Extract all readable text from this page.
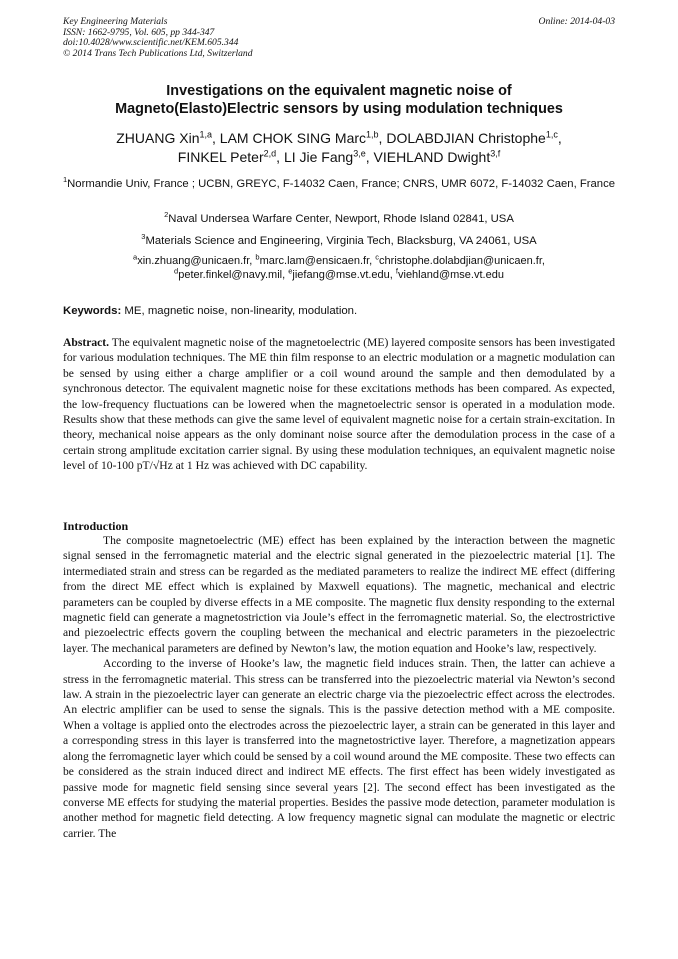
Key Engineering Materials
ISSN: 1662-9795, Vol. 605, pp 344-347
doi:10.4028/www.scientific.net/KEM.605.344
© 2014 Trans Tech Publications Ltd, Switzerland
Online: 2014-04-03
Investigations on the equivalent magnetic noise of
Magneto(Elasto)Electric sensors by using modulation techniques
ZHUANG Xin$^{1,a}$, LAM CHOK SING Marc$^{1,b}$, DOLABDJIAN Christophe$^{1,c}$,
FINKEL Peter$^{2,d}$, LI Jie Fang$^{3,e}$, VIEHLAND Dwight$^{3,f}$
$^1$Normandie Univ, France ; UCBN, GREYC, F-14032 Caen, France; CNRS, UMR 6072, F-14032 Caen, France
$^2$Naval Undersea Warfare Center, Newport, Rhode Island 02841, USA
$^3$Materials Science and Engineering, Virginia Tech, Blacksburg, VA 24061, USA
$^a$xin.zhuang@unicaen.fr, $^b$marc.lam@ensicaen.fr, $^c$christophe.dolabdjian@unicaen.fr,
$^d$peter.finkel@navy.mil, $^e$jiefang@mse.vt.edu, $^f$viehland@mse.vt.edu
Keywords: ME, magnetic noise, non-linearity, modulation.
Abstract. The equivalent magnetic noise of the magnetoelectric (ME) layered composite sensors has been investigated for various modulation techniques. The ME thin film response to an electric modulation or a magnetic modulation can be sensed by using either a charge amplifier or a coil wound around the sample and then demodulated by a synchronous detector. The equivalent magnetic noise for these excitations methods has been compared. As expected, the low-frequency fluctuations can be lowered when the magnetoelectric sensor is operated in a modulation mode. Results show that these methods can give the same level of equivalent magnetic noise for a certain strain-excitation. In theory, mechanical noise appears as the only dominant noise source after the demodulation process in the case of a certain strong amplitude excitation carrier signal. By using these modulation techniques, an equivalent magnetic noise level of 10-100 pT/√Hz at 1 Hz was achieved with DC capability.
Introduction

The composite magnetoelectric (ME) effect has been explained by the interaction between the magnetic signal sensed in the ferromagnetic material and the electric signal generated in the piezoelectric material [1]. The intermediated strain and stress can be regarded as the mediated parameters to realize the indirect ME effect (differing from the direct ME effect which is explained by Maxwell equations). The magnetic, mechanical and electric parameters can be coupled by diverse effects in a ME composite. The magnetic flux density responding to the external magnetic field can generate a magnetostriction via Joule’s effect in the ferromagnetic material. So, the electrostrictive and piezoelectric effects govern the coupling between the mechanical and electric parameters in the piezoelectric layer. The mechanical parameters are defined by Newton’s law, the motion equation and Hooke’s law, respectively.

According to the inverse of Hooke’s law, the magnetic field induces strain. Then, the latter can achieve a stress in the ferromagnetic material. This stress can be transferred into the piezoelectric material via Newton’s second law. A strain in the piezoelectric layer can generate an electric charge via the piezoelectric effect across the electrodes. An electric amplifier can be used to sense the signals. This is the passive detection method with a ME composite. When a voltage is applied onto the electrodes across the piezoelectric layer, a strain can be generated in this layer and a corresponding stress in this layer is transferred into the magnetostrictive layer. Therefore, a magnetization appears along the ferromagnetic layer which could be sensed by a coil wound around the ME composite. These two effects can be considered as the strain induced direct and indirect ME effects. The first effect has been widely investigated as passive mode for magnetic field sensing since several years [2]. The second effect has been investigated as the converse ME effects for studying the material properties. Besides the passive mode detection, parameter modulation is another method for magnetic field detecting. A low frequency magnetic signal can modulate the magnetic or electric carrier. The
